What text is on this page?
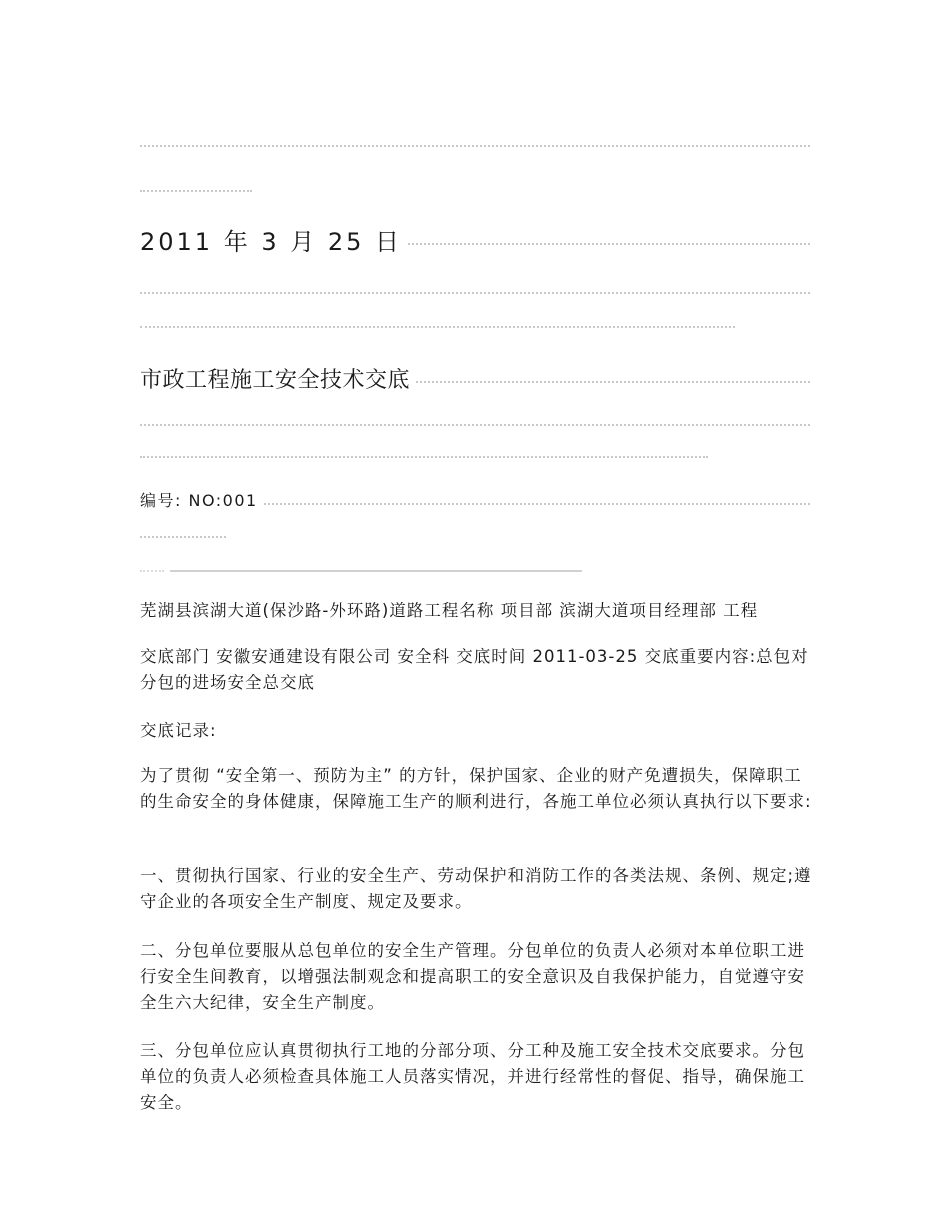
2011 年 3 月 25 日
市政工程施工安全技术交底
编号: NO:001

芜湖县滨湖大道(保沙路-外环路)道路工程名称 项目部 滨湖大道项目经理部 工程

交底部门 安徽安通建设有限公司 安全科 交底时间 2011-03-25 交底重要内容:总包对分包的进场安全总交底

交底记录:

为了贯彻 “安全第一、预防为主” 的方针，保护国家、企业的财产免遭损失，保障职工的生命安全的身体健康，保障施工生产的顺利进行，各施工单位必须认真执行以下要求:

一、贯彻执行国家、行业的安全生产、劳动保护和消防工作的各类法规、条例、规定;遵守企业的各项安全生产制度、规定及要求。

二、分包单位要服从总包单位的安全生产管理。分包单位的负责人必须对本单位职工进行安全生间教育，以增强法制观念和提高职工的安全意识及自我保护能力，自觉遵守安全生六大纪律，安全生产制度。

三、分包单位应认真贯彻执行工地的分部分项、分工种及施工安全技术交底要求。分包单位的负责人必须检查具体施工人员落实情况，并进行经常性的督促、指导，确保施工安全。
